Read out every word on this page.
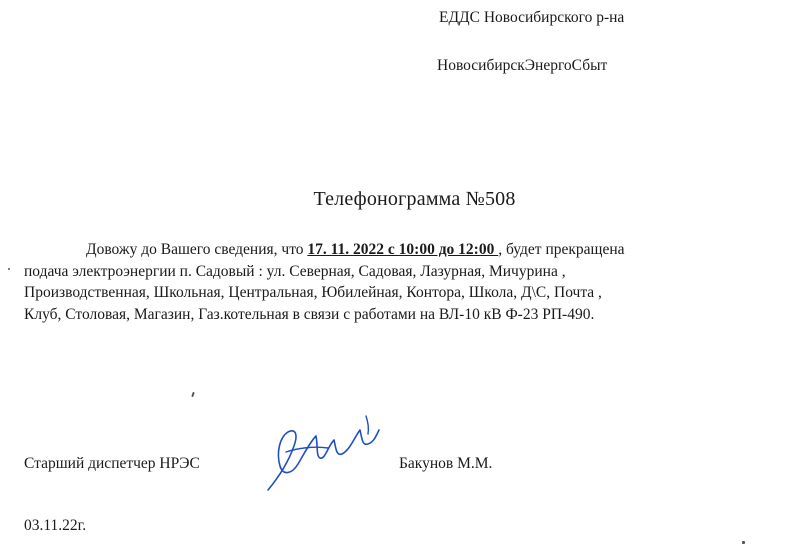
ЕДДС Новосибирского р-на
НовосибирскЭнергоСбыт
Телефонограмма №508
Довожу до Вашего сведения, что 17. 11. 2022 с 10:00 до 12:00 , будет прекращена
подача электроэнергии п. Садовый : ул. Северная, Садовая, Лазурная, Мичурина ,
Производственная, Школьная, Центральная, Юбилейная, Контора, Школа, Д\С, Почта ,
Клуб, Столовая, Магазин, Газ.котельная в связи с работами на ВЛ-10 кВ Ф-23 РП-490.
Старший диспетчер НРЭС	Бакунов М.М.
03.11.22г.
